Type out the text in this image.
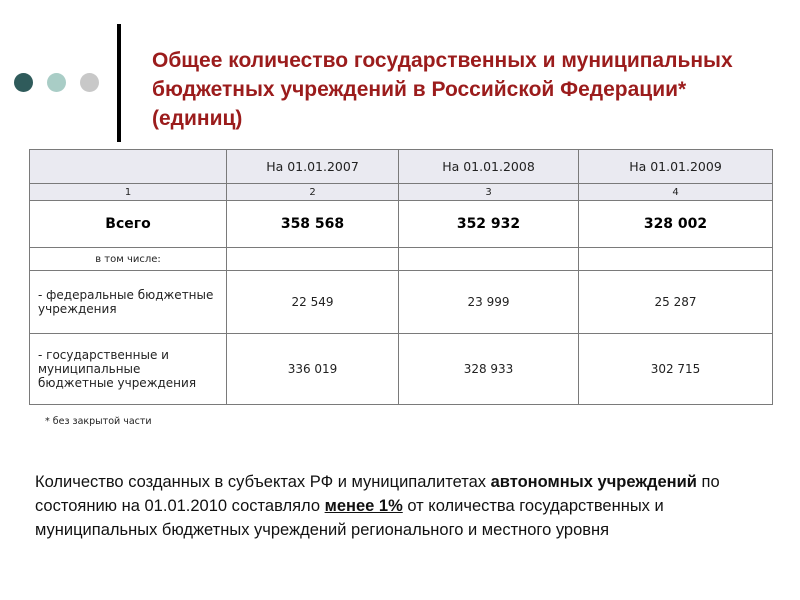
Общее количество государственных и муниципальных бюджетных учреждений в Российской Федерации* (единиц)
	На 01.01.2007	На 01.01.2008	На 01.01.2009
1	2	3	4
Всего	358 568	352 932	328 002
в том числе:			
- федеральные бюджетные учреждения	22 549	23 999	25 287
- государственные и муниципальные бюджетные учреждения	336 019	328 933	302 715
* без закрытой части
Количество созданных в субъектах РФ и муниципалитетах автономных учреждений по состоянию на 01.01.2010 составляло менее 1% от количества государственных и муниципальных бюджетных учреждений регионального и местного уровня
